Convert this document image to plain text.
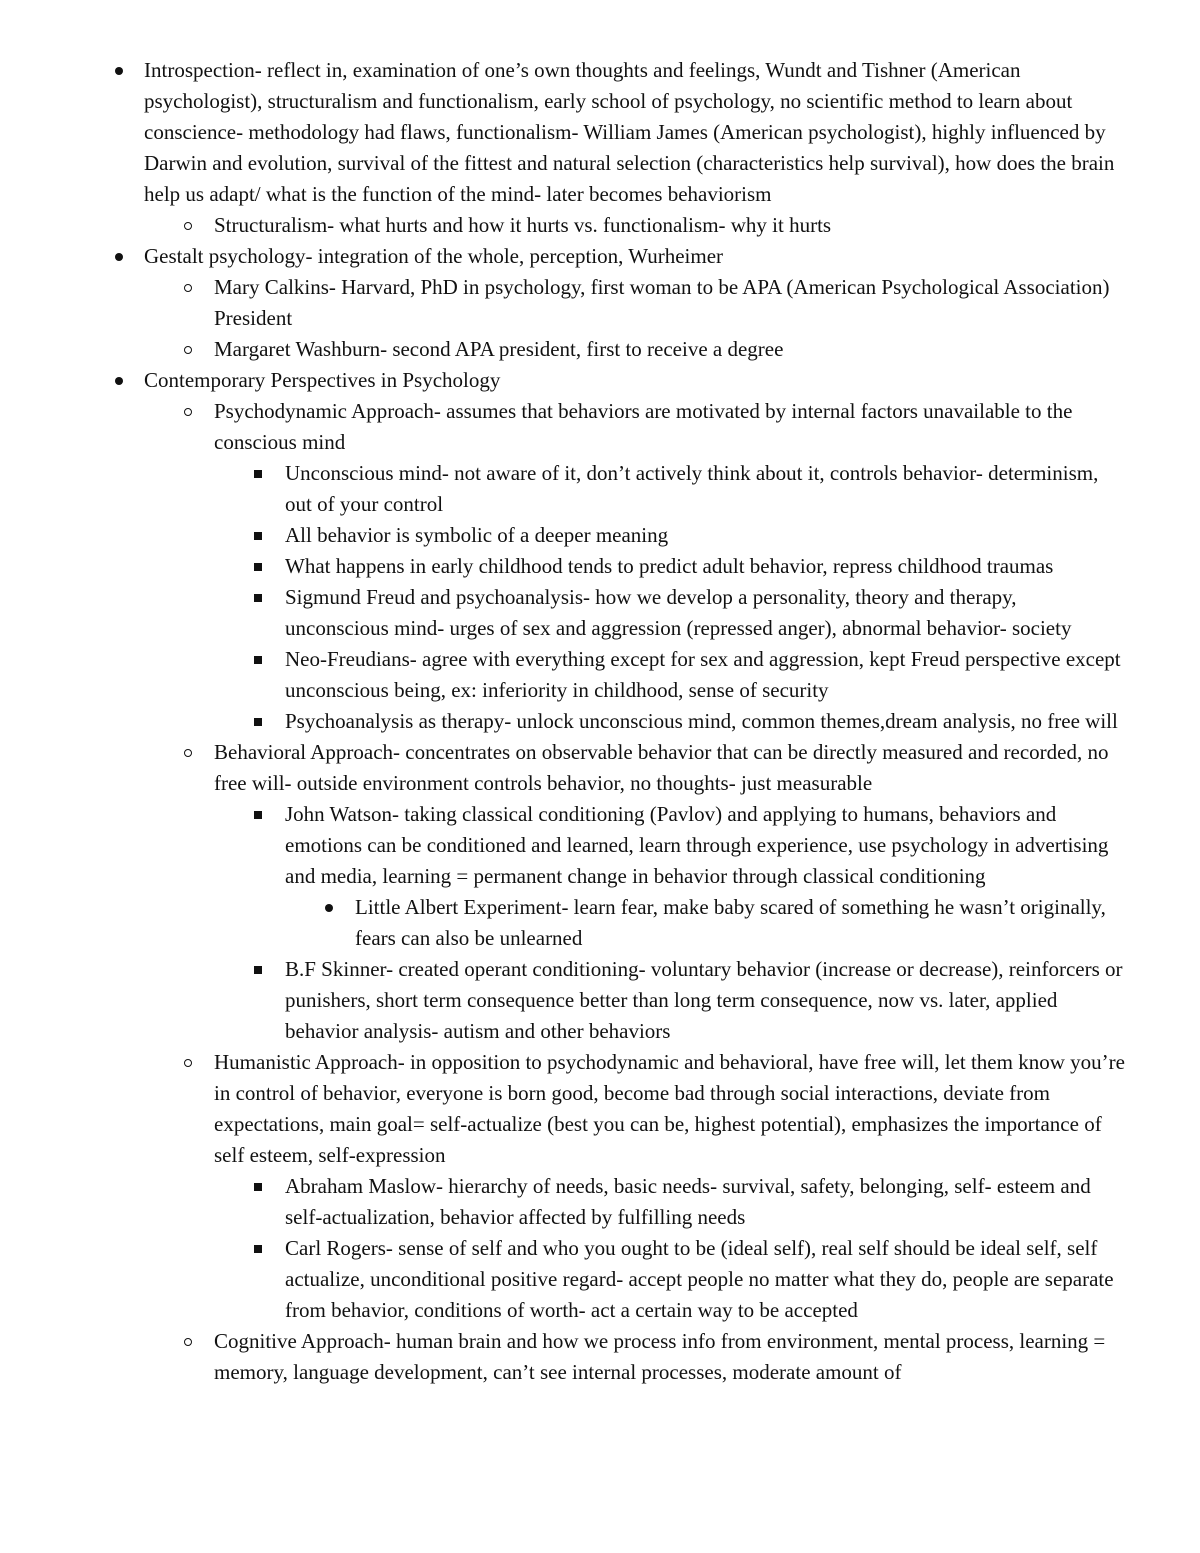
Introspection- reflect in, examination of one’s own thoughts and feelings, Wundt and Tishner (American psychologist), structuralism and functionalism, early school of psychology, no scientific method to learn about conscience- methodology had flaws, functionalism- William James (American psychologist), highly influenced by Darwin and evolution, survival of the fittest and natural selection (characteristics help survival), how does the brain help us adapt/ what is the function of the mind- later becomes behaviorism
Structuralism- what hurts and how it hurts vs. functionalism- why it hurts
Gestalt psychology- integration of the whole, perception, Wurheimer
Mary Calkins- Harvard, PhD in psychology, first woman to be APA (American Psychological Association) President
Margaret Washburn- second APA president, first to receive a degree
Contemporary Perspectives in Psychology
Psychodynamic Approach- assumes that behaviors are motivated by internal factors unavailable to the conscious mind
Unconscious mind- not aware of it, don’t actively think about it, controls behavior- determinism, out of your control
All behavior is symbolic of a deeper meaning
What happens in early childhood tends to predict adult behavior, repress childhood traumas
Sigmund Freud and psychoanalysis- how we develop a personality, theory and therapy, unconscious mind- urges of sex and aggression (repressed anger), abnormal behavior- society
Neo-Freudians- agree with everything except for sex and aggression, kept Freud perspective except unconscious being, ex: inferiority in childhood, sense of security
Psychoanalysis as therapy- unlock unconscious mind, common themes,dream analysis, no free will
Behavioral Approach- concentrates on observable behavior that can be directly measured and recorded, no free will- outside environment controls behavior, no thoughts- just measurable
John Watson- taking classical conditioning (Pavlov) and applying to humans, behaviors and emotions can be conditioned and learned, learn through experience, use psychology in advertising and media, learning = permanent change in behavior through classical conditioning
Little Albert Experiment- learn fear, make baby scared of something he wasn’t originally, fears can also be unlearned
B.F Skinner- created operant conditioning- voluntary behavior (increase or decrease), reinforcers or punishers, short term consequence better than long term consequence, now vs. later, applied behavior analysis- autism and other behaviors
Humanistic Approach- in opposition to psychodynamic and behavioral, have free will, let them know you’re in control of behavior, everyone is born good, become bad through social interactions, deviate from expectations, main goal= self-actualize (best you can be, highest potential), emphasizes the importance of self esteem, self-expression
Abraham Maslow- hierarchy of needs, basic needs- survival, safety, belonging, self- esteem and self-actualization, behavior affected by fulfilling needs
Carl Rogers- sense of self and who you ought to be (ideal self), real self should be ideal self, self actualize, unconditional positive regard- accept people no matter what they do, people are separate from behavior, conditions of worth- act a certain way to be accepted
Cognitive Approach- human brain and how we process info from environment, mental process, learning = memory, language development, can’t see internal processes, moderate amount of
